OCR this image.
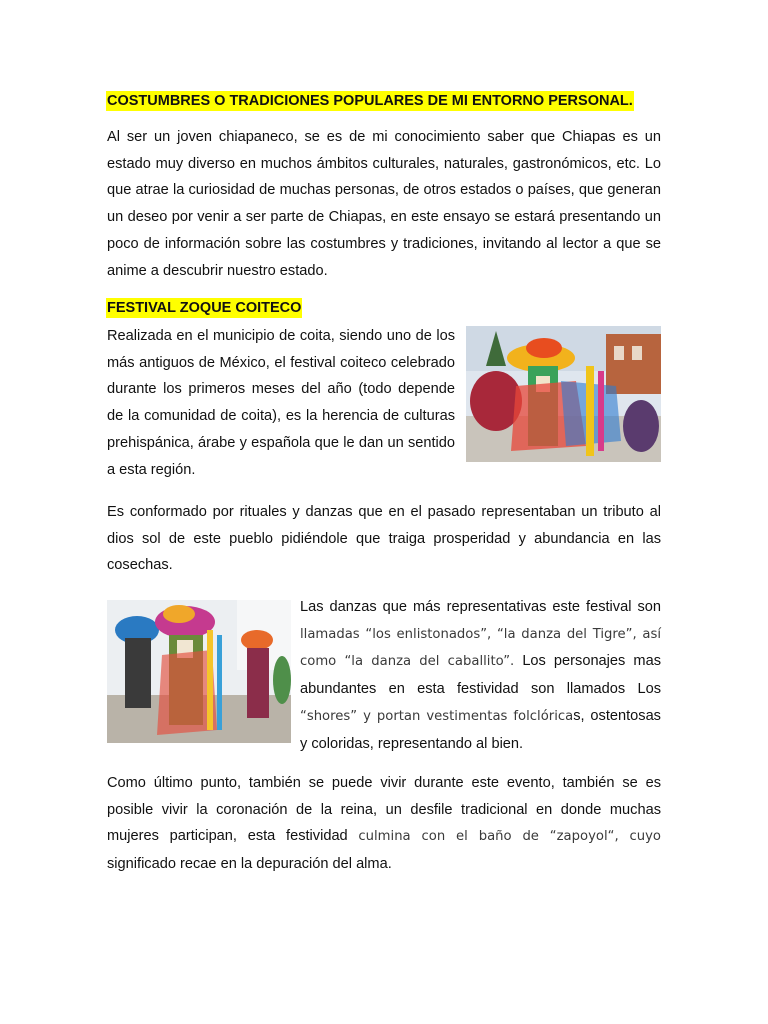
COSTUMBRES O TRADICIONES POPULARES DE MI ENTORNO PERSONAL.

Al ser un joven chiapaneco, se es de mi conocimiento saber que Chiapas es un estado muy diverso en muchos ámbitos culturales, naturales, gastronómicos, etc. Lo que atrae la curiosidad de muchas personas, de otros estados o países, que generan un deseo por venir a ser parte de Chiapas, en este ensayo se estará presentando un poco de información sobre las costumbres y tradiciones, invitando al lector a que se anime a descubrir nuestro estado.

FESTIVAL ZOQUE COITECO

Realizada en el municipio de coita, siendo uno de los más antiguos de México, el festival coiteco celebrado durante los primeros meses del año (todo depende de la comunidad de coita), es la herencia de culturas prehispánica, árabe y española que le dan un sentido a esta región.

Es conformado por rituales y danzas que en el pasado representaban un tributo al dios sol de este pueblo pidiéndole que traiga prosperidad y abundancia en las cosechas.

Las danzas que más representativas este festival son llamadas “los enlistonados”, “la danza del Tigre”, así como “la danza del caballito”. Los personajes mas abundantes en esta festividad son llamados Los “shores” y portan vestimentas folclóricas, ostentosas y coloridas, representando al bien.

Como último punto, también se puede vivir durante este evento, también se es posible vivir la coronación de la reina, un desfile tradicional en donde muchas mujeres participan, esta festividad culmina con el baño de “zapoyol“, cuyo significado recae en la depuración del alma.
